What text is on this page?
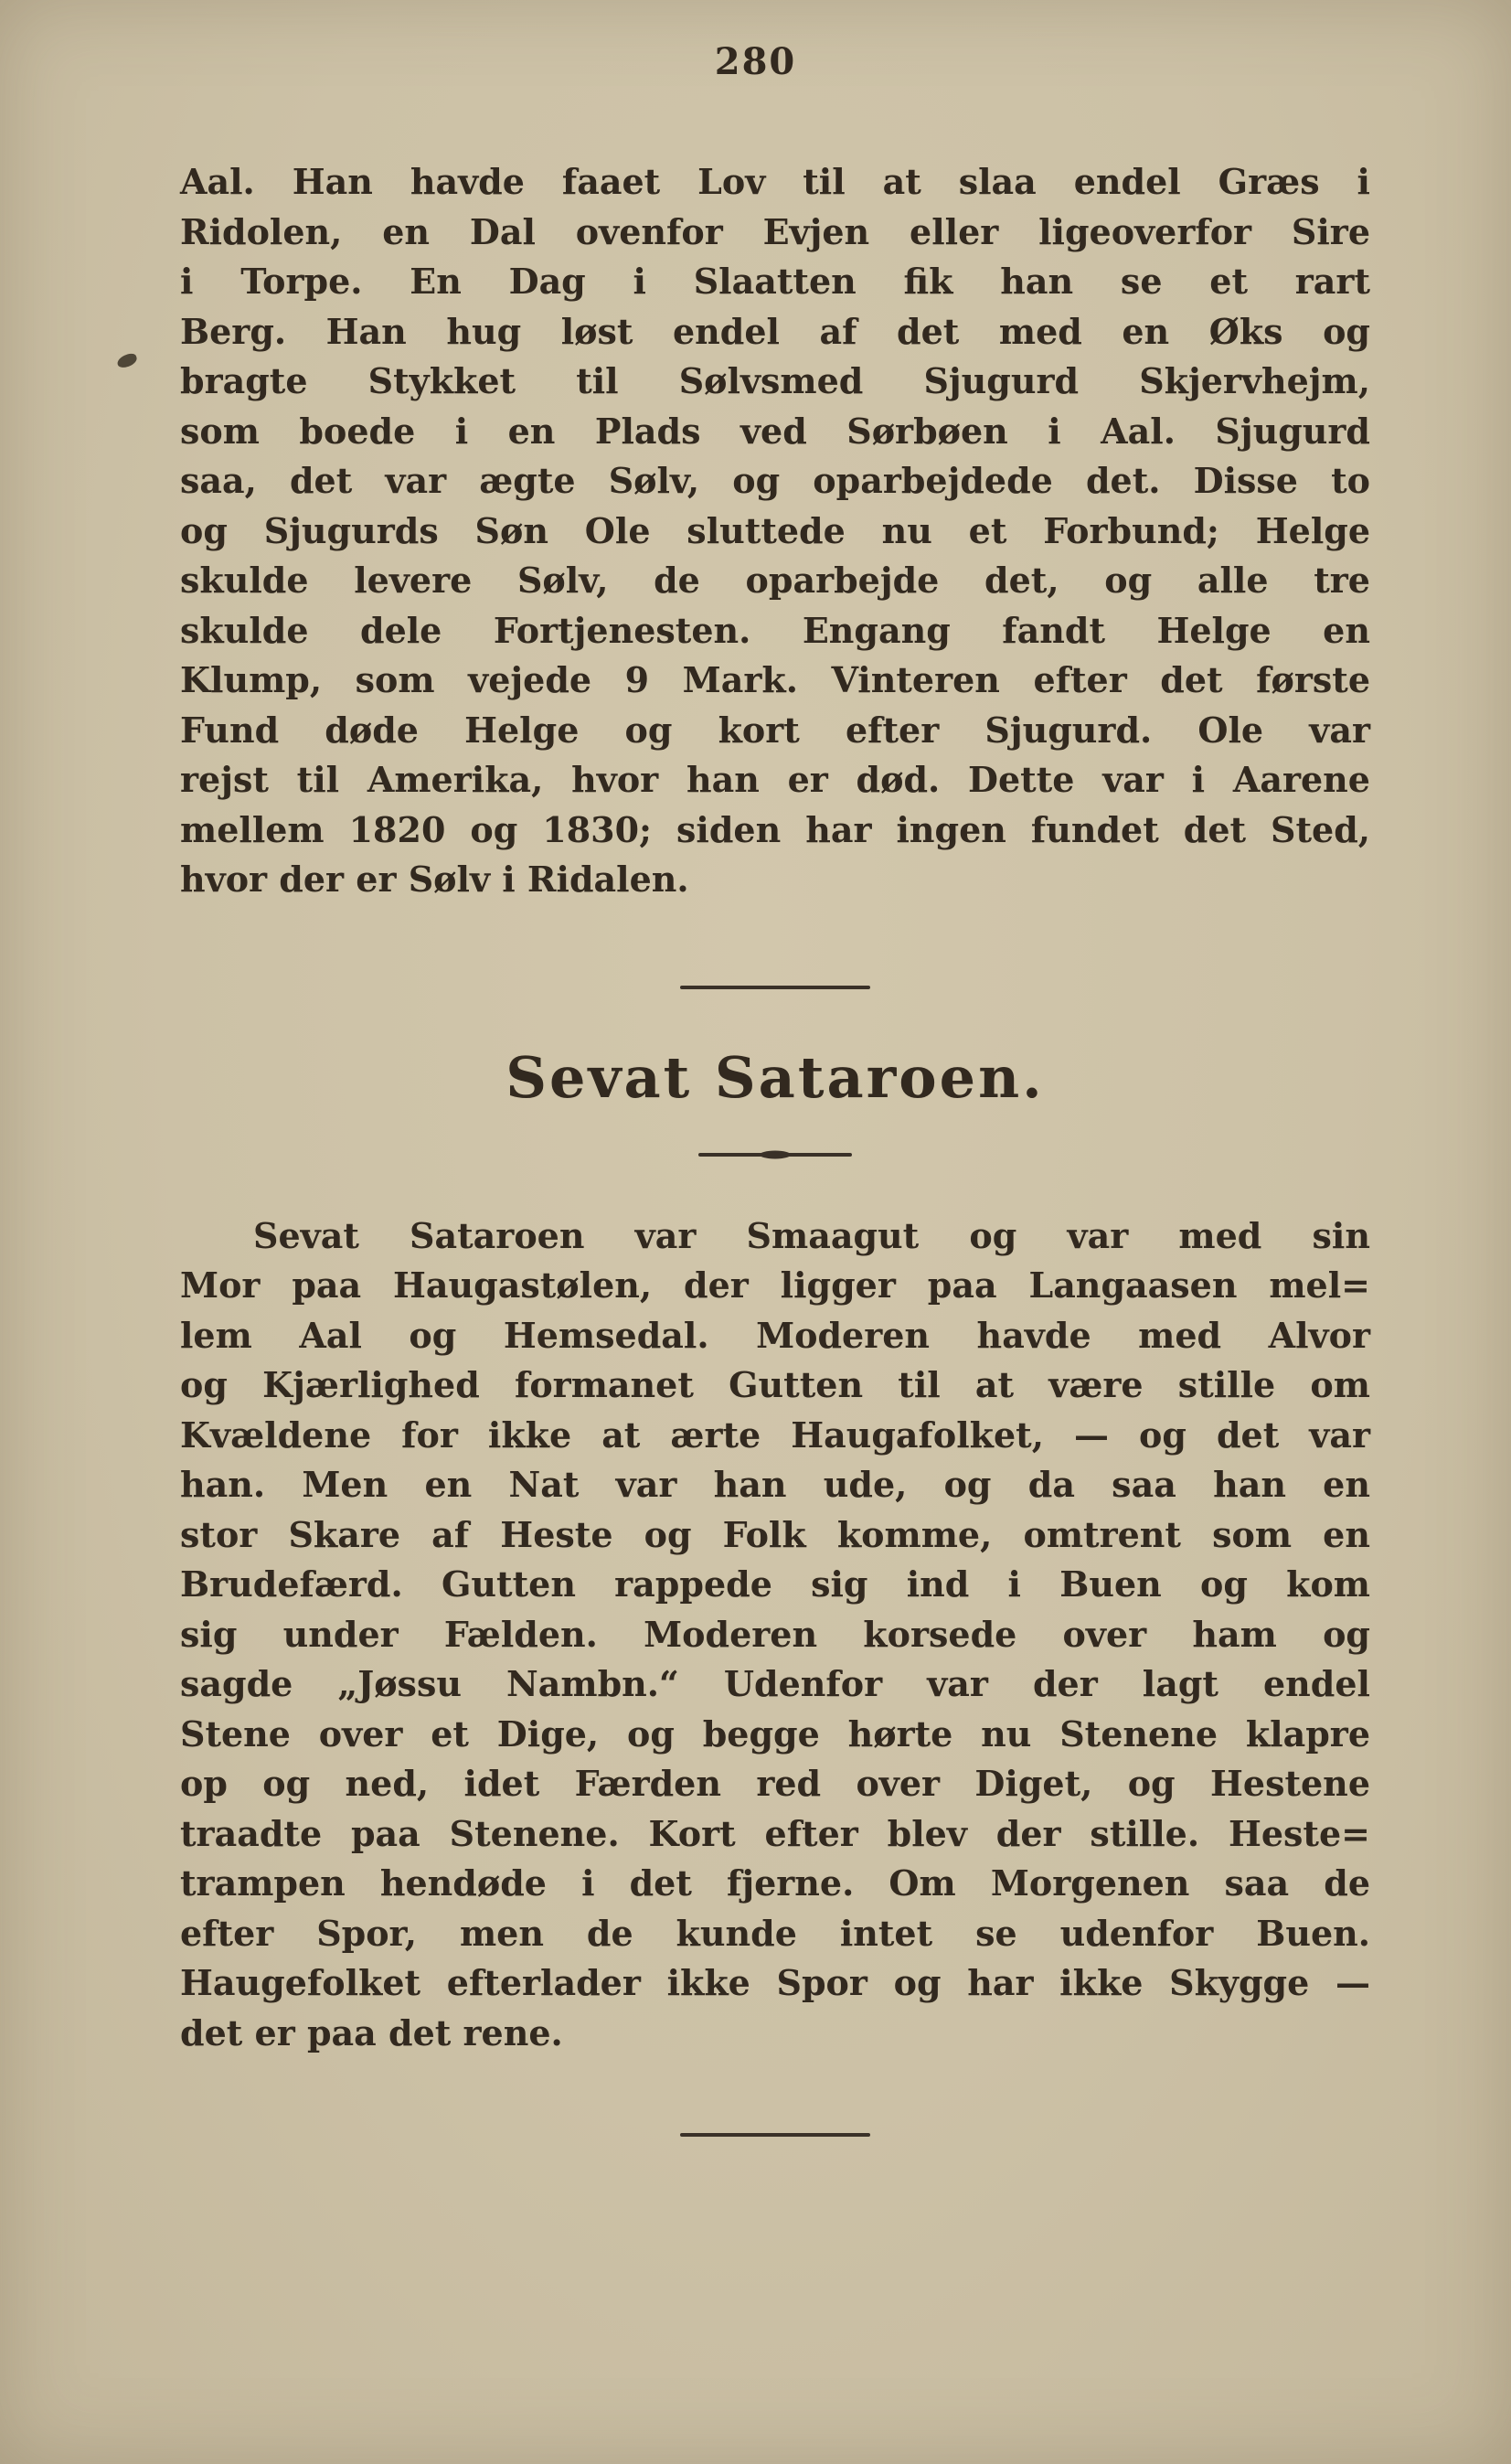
280
Aal. Han havde faaet Lov til at slaa endel Græs i
Ridolen, en Dal ovenfor Evjen eller ligeoverfor Sire
i Torpe. En Dag i Slaatten fik han se et rart
Berg. Han hug løst endel af det med en Øks og
bragte Stykket til Sølvsmed Sjugurd Skjervhejm,
som boede i en Plads ved Sørbøen i Aal. Sjugurd
saa, det var ægte Sølv, og oparbejdede det. Disse to
og Sjugurds Søn Ole sluttede nu et Forbund; Helge
skulde levere Sølv, de oparbejde det, og alle tre
skulde dele Fortjenesten. Engang fandt Helge en
Klump, som vejede 9 Mark. Vinteren efter det første
Fund døde Helge og kort efter Sjugurd. Ole var
rejst til Amerika, hvor han er død. Dette var i Aarene
mellem 1820 og 1830; siden har ingen fundet det Sted,
hvor der er Sølv i Ridalen.
Sevat Sataroen.
Sevat Sataroen var Smaagut og var med sin
Mor paa Haugastølen, der ligger paa Langaasen mel=
lem Aal og Hemsedal. Moderen havde med Alvor
og Kjærlighed formanet Gutten til at være stille om
Kvældene for ikke at ærte Haugafolket, — og det var
han. Men en Nat var han ude, og da saa han en
stor Skare af Heste og Folk komme, omtrent som en
Brudefærd. Gutten rappede sig ind i Buen og kom
sig under Fælden. Moderen korsede over ham og
sagde „Jøssu Nambn.“ Udenfor var der lagt endel
Stene over et Dige, og begge hørte nu Stenene klapre
op og ned, idet Færden red over Diget, og Hestene
traadte paa Stenene. Kort efter blev der stille. Heste=
trampen hendøde i det fjerne. Om Morgenen saa de
efter Spor, men de kunde intet se udenfor Buen.
Haugefolket efterlader ikke Spor og har ikke Skygge —
det er paa det rene.
